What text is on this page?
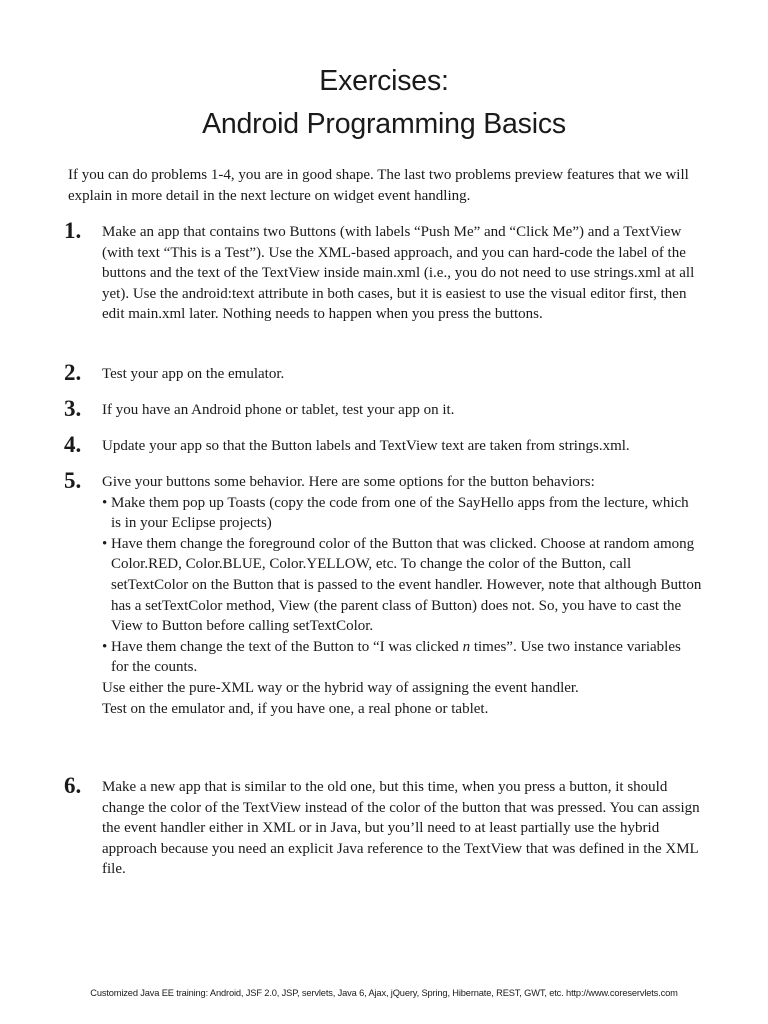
Exercises:
Android Programming Basics

If you can do problems 1-4, you are in good shape. The last two problems preview features that we will explain in more detail in the next lecture on widget event handling.

1. Make an app that contains two Buttons (with labels “Push Me” and “Click Me”) and a TextView (with text “This is a Test”). Use the XML-based approach, and you can hard-code the label of the buttons and the text of the TextView inside main.xml (i.e., you do not need to use strings.xml at all yet). Use the android:text attribute in both cases, but it is easiest to use the visual editor first, then edit main.xml later. Nothing needs to happen when you press the buttons.

2. Test your app on the emulator.

3. If you have an Android phone or tablet, test your app on it.

4. Update your app so that the Button labels and TextView text are taken from strings.xml.

5. Give your buttons some behavior. Here are some options for the button behaviors:

• Make them pop up Toasts (copy the code from one of the SayHello apps from the lecture, which is in your Eclipse projects)

• Have them change the foreground color of the Button that was clicked. Choose at random among Color.RED, Color.BLUE, Color.YELLOW, etc. To change the color of the Button, call setTextColor on the Button that is passed to the event handler. However, note that although Button has a setTextColor method, View (the parent class of Button) does not. So, you have to cast the View to Button before calling setTextColor.

• Have them change the text of the Button to “I was clicked n times”. Use two instance variables for the counts.

Use either the pure-XML way or the hybrid way of assigning the event handler.

Test on the emulator and, if you have one, a real phone or tablet.

6. Make a new app that is similar to the old one, but this time, when you press a button, it should change the color of the TextView instead of the color of the button that was pressed. You can assign the event handler either in XML or in Java, but you’ll need to at least partially use the hybrid approach because you need an explicit Java reference to the TextView that was defined in the XML file.

Customized Java EE training: Android, JSF 2.0, JSP, servlets, Java 6, Ajax, jQuery, Spring, Hibernate, REST, GWT, etc. http://www.coreservlets.com
